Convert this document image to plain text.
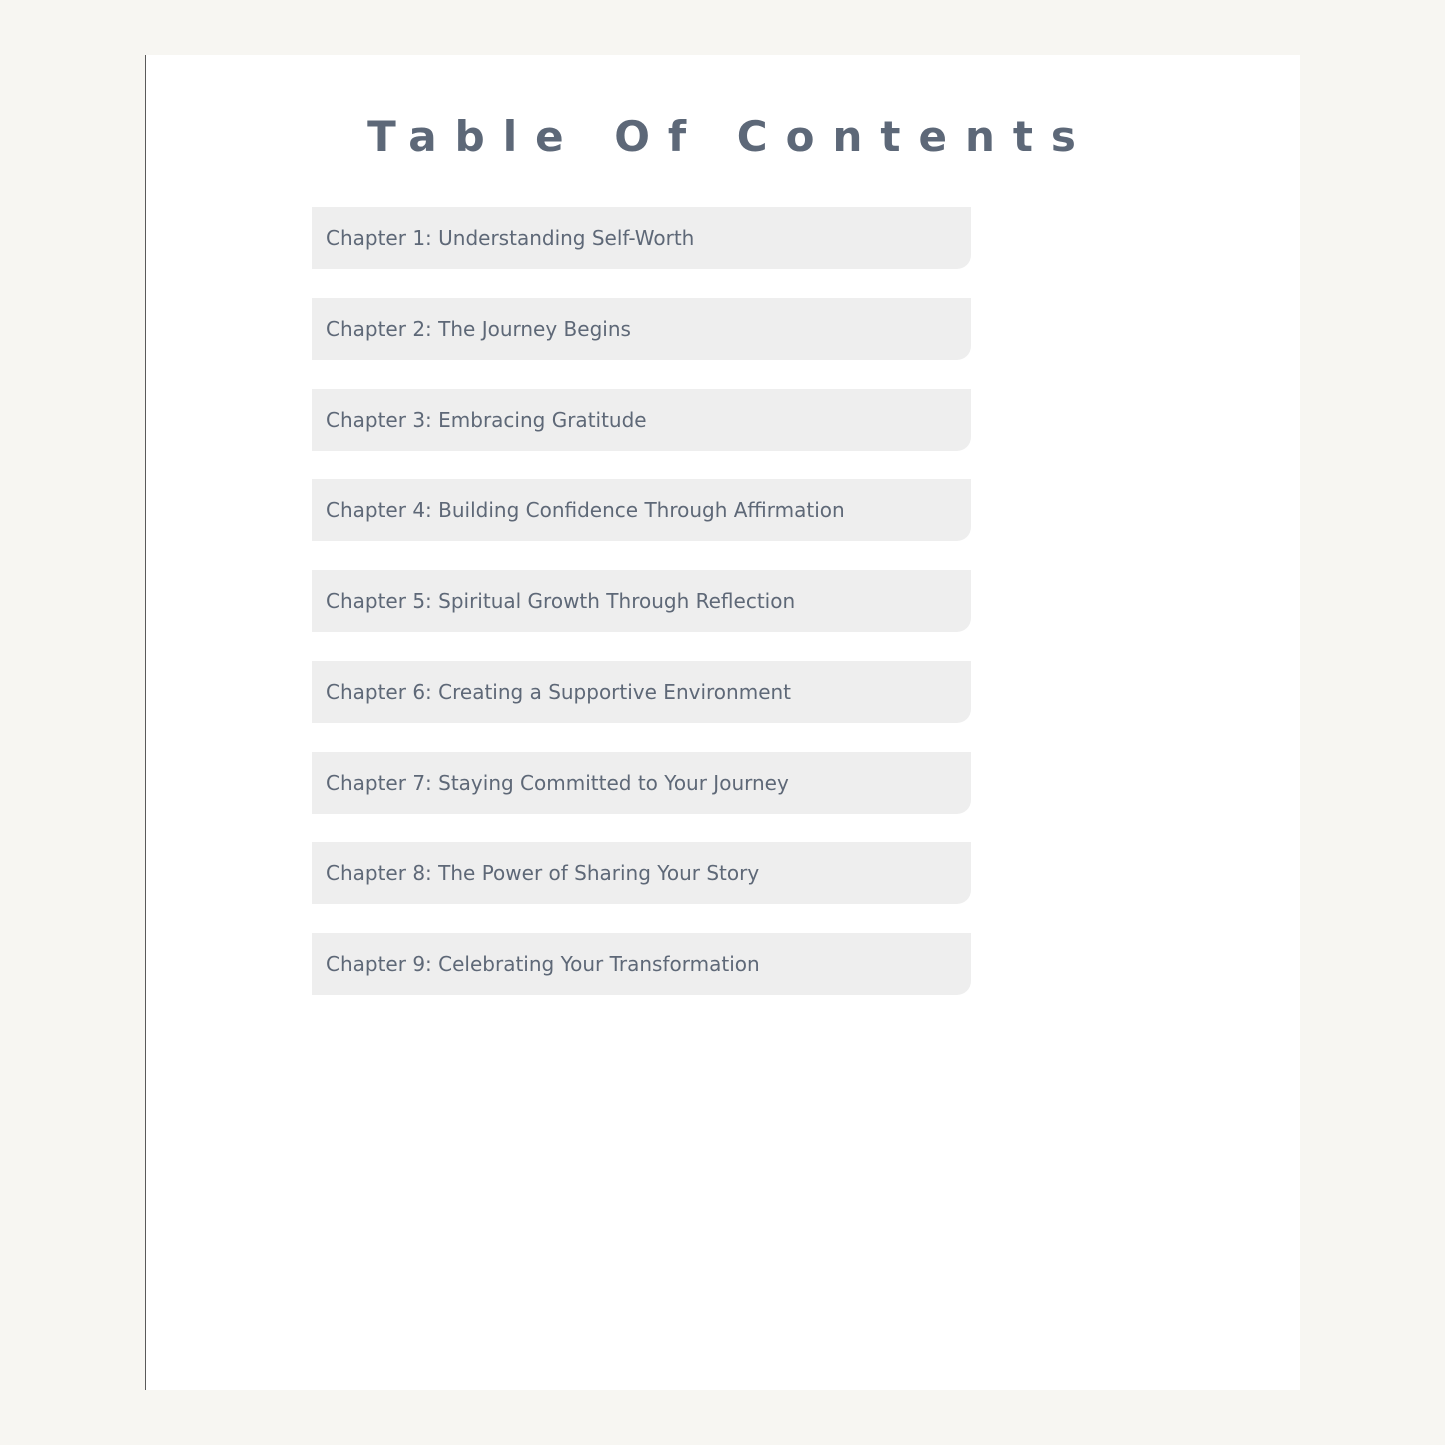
Table Of Contents
Chapter 1: Understanding Self-Worth
Chapter 2: The Journey Begins
Chapter 3: Embracing Gratitude
Chapter 4: Building Confidence Through Affirmation
Chapter 5: Spiritual Growth Through Reflection
Chapter 6: Creating a Supportive Environment
Chapter 7: Staying Committed to Your Journey
Chapter 8: The Power of Sharing Your Story
Chapter 9: Celebrating Your Transformation
